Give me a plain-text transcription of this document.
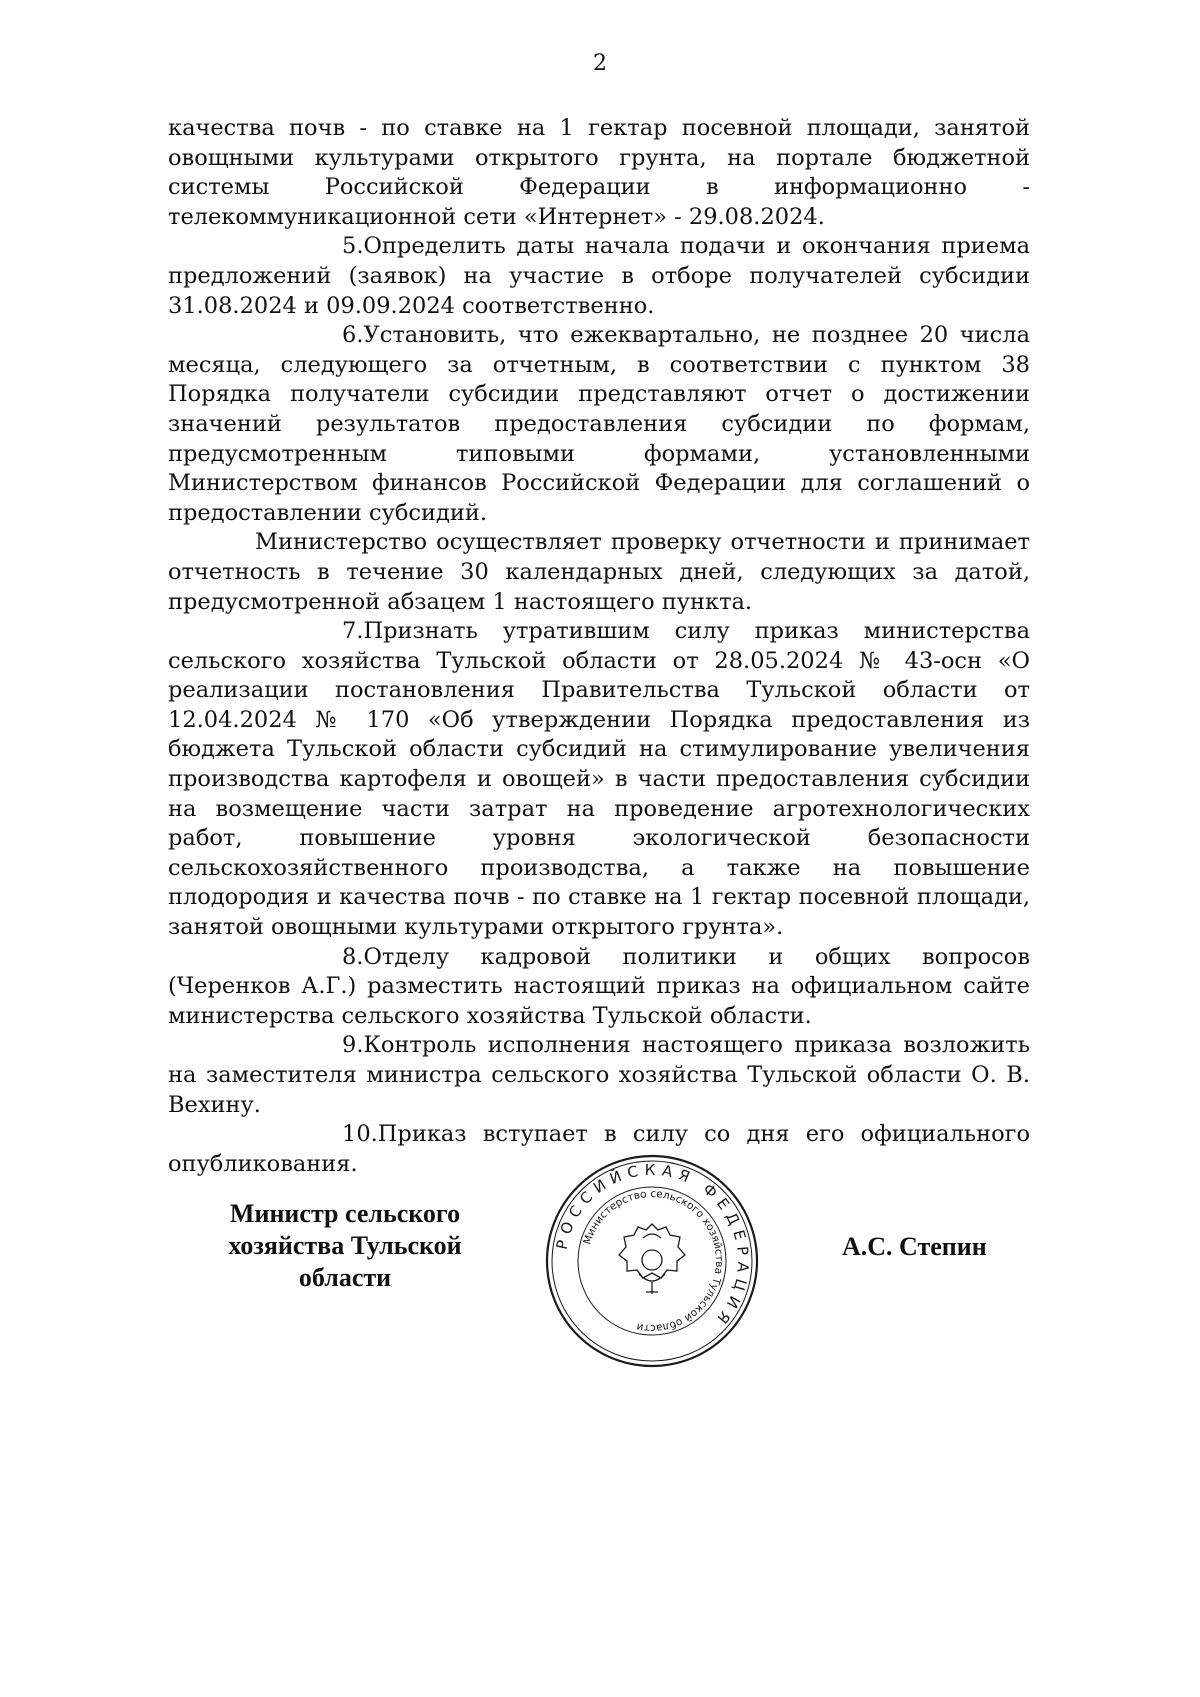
2

качества почв - по ставке на 1 гектар посевной площади, занятой овощными культурами открытого грунта, на портале бюджетной системы Российской Федерации в информационно - телекоммуникационной сети «Интернет» - 29.08.2024.

5.Определить даты начала подачи и окончания приема предложений (заявок) на участие в отборе получателей субсидии 31.08.2024 и 09.09.2024 соответственно.

6.Установить, что ежеквартально, не позднее 20 числа месяца, следующего за отчетным, в соответствии с пунктом 38 Порядка получатели субсидии представляют отчет о достижении значений результатов предоставления субсидии по формам, предусмотренным типовыми формами, установленными Министерством финансов Российской Федерации для соглашений о предоставлении субсидий.

Министерство осуществляет проверку отчетности и принимает отчетность в течение 30 календарных дней, следующих за датой, предусмотренной абзацем 1 настоящего пункта.

7.Признать утратившим силу приказ министерства сельского хозяйства Тульской области от 28.05.2024 № 43-осн «О реализации постановления Правительства Тульской области от 12.04.2024 № 170 «Об утверждении Порядка предоставления из бюджета Тульской области субсидий на стимулирование увеличения производства картофеля и овощей» в части предоставления субсидии на возмещение части затрат на проведение агротехнологических работ, повышение уровня экологической безопасности сельскохозяйственного производства, а также на повышение плодородия и качества почв - по ставке на 1 гектар посевной площади, занятой овощными культурами открытого грунта».

8.Отделу кадровой политики и общих вопросов (Черенков А.Г.) разместить настоящий приказ на официальном сайте министерства сельского хозяйства Тульской области.

9.Контроль исполнения настоящего приказа возложить на заместителя министра сельского хозяйства Тульской области О. В. Вехину.

10.Приказ вступает в силу со дня его официального опубликования.

Министр сельского хозяйства Тульской области
РОССИЙСКАЯ ФЕДЕРАЦИЯ
Министерство сельского хозяйства Тульской области
А.С. Степин
